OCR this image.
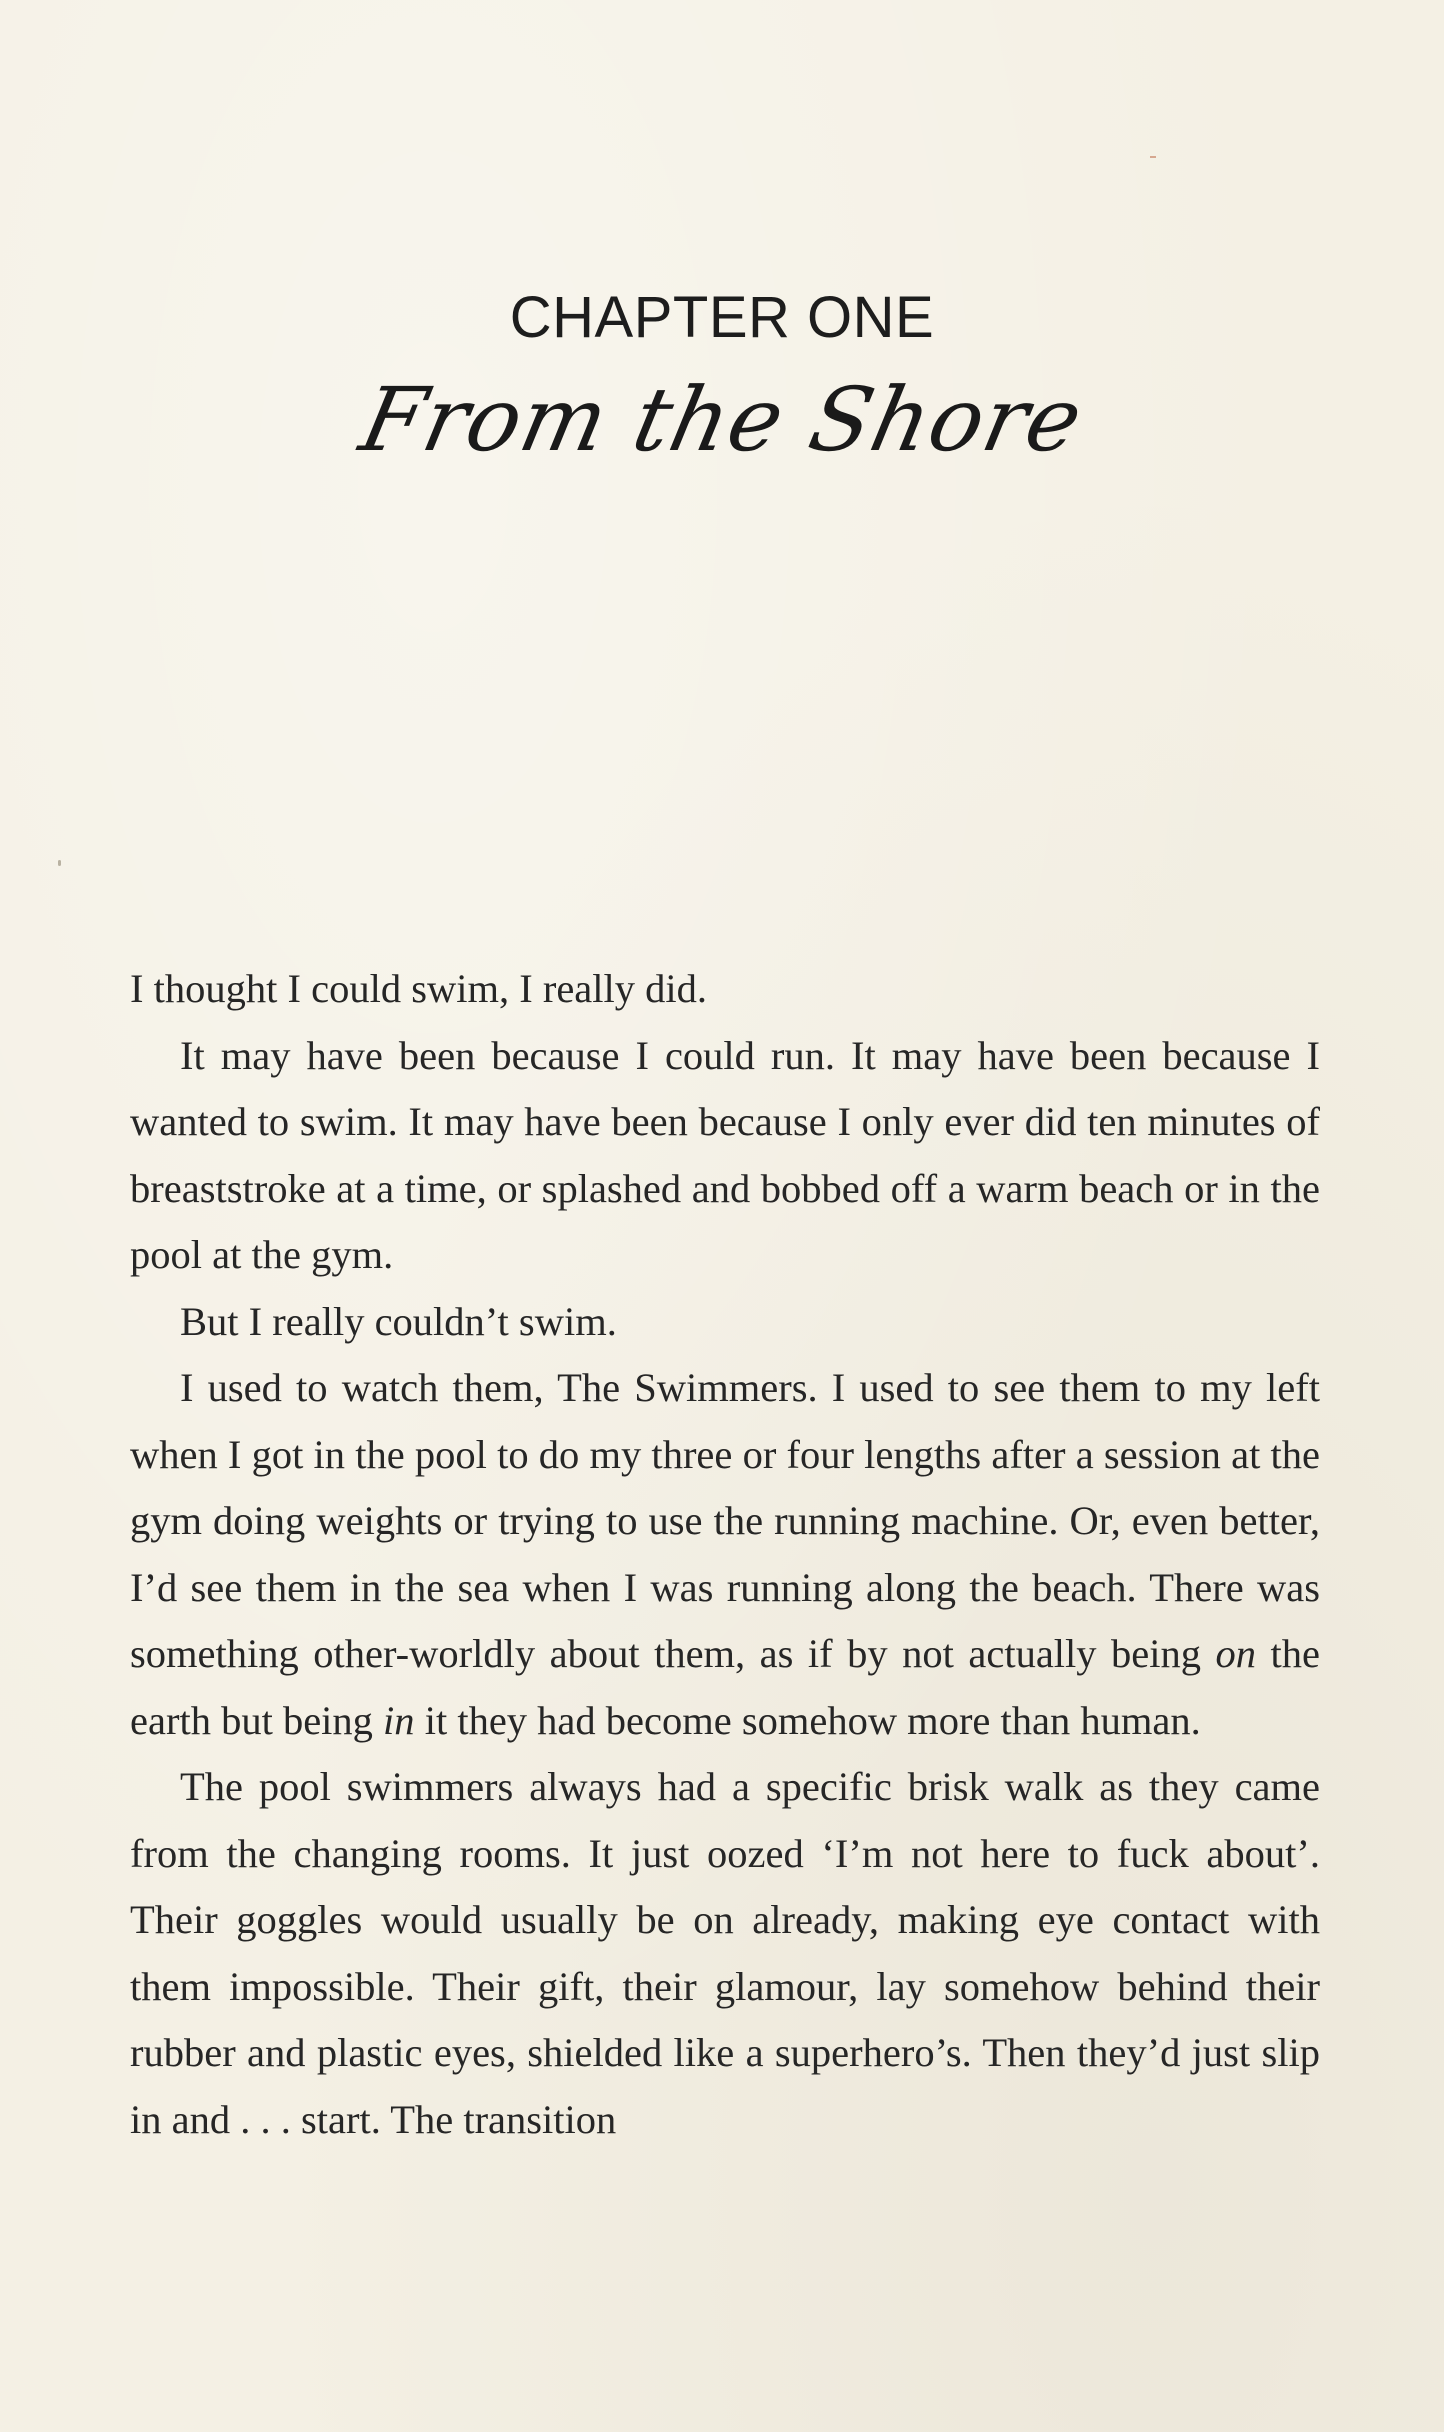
CHAPTER ONE
From the Shore

I thought I could swim, I really did.

It may have been because I could run. It may have been because I wanted to swim. It may have been because I only ever did ten minutes of breaststroke at a time, or splashed and bobbed off a warm beach or in the pool at the gym.

But I really couldn’t swim.

I used to watch them, The Swimmers. I used to see them to my left when I got in the pool to do my three or four lengths after a session at the gym doing weights or trying to use the running machine. Or, even better, I’d see them in the sea when I was running along the beach. There was something other-worldly about them, as if by not actually being on the earth but being in it they had become somehow more than human.

The pool swimmers always had a specific brisk walk as they came from the changing rooms. It just oozed ‘I’m not here to fuck about’. Their goggles would usually be on already, making eye contact with them impossible. Their gift, their glamour, lay somehow behind their rubber and plastic eyes, shielded like a superhero’s. Then they’d just slip in and . . . start. The transition
